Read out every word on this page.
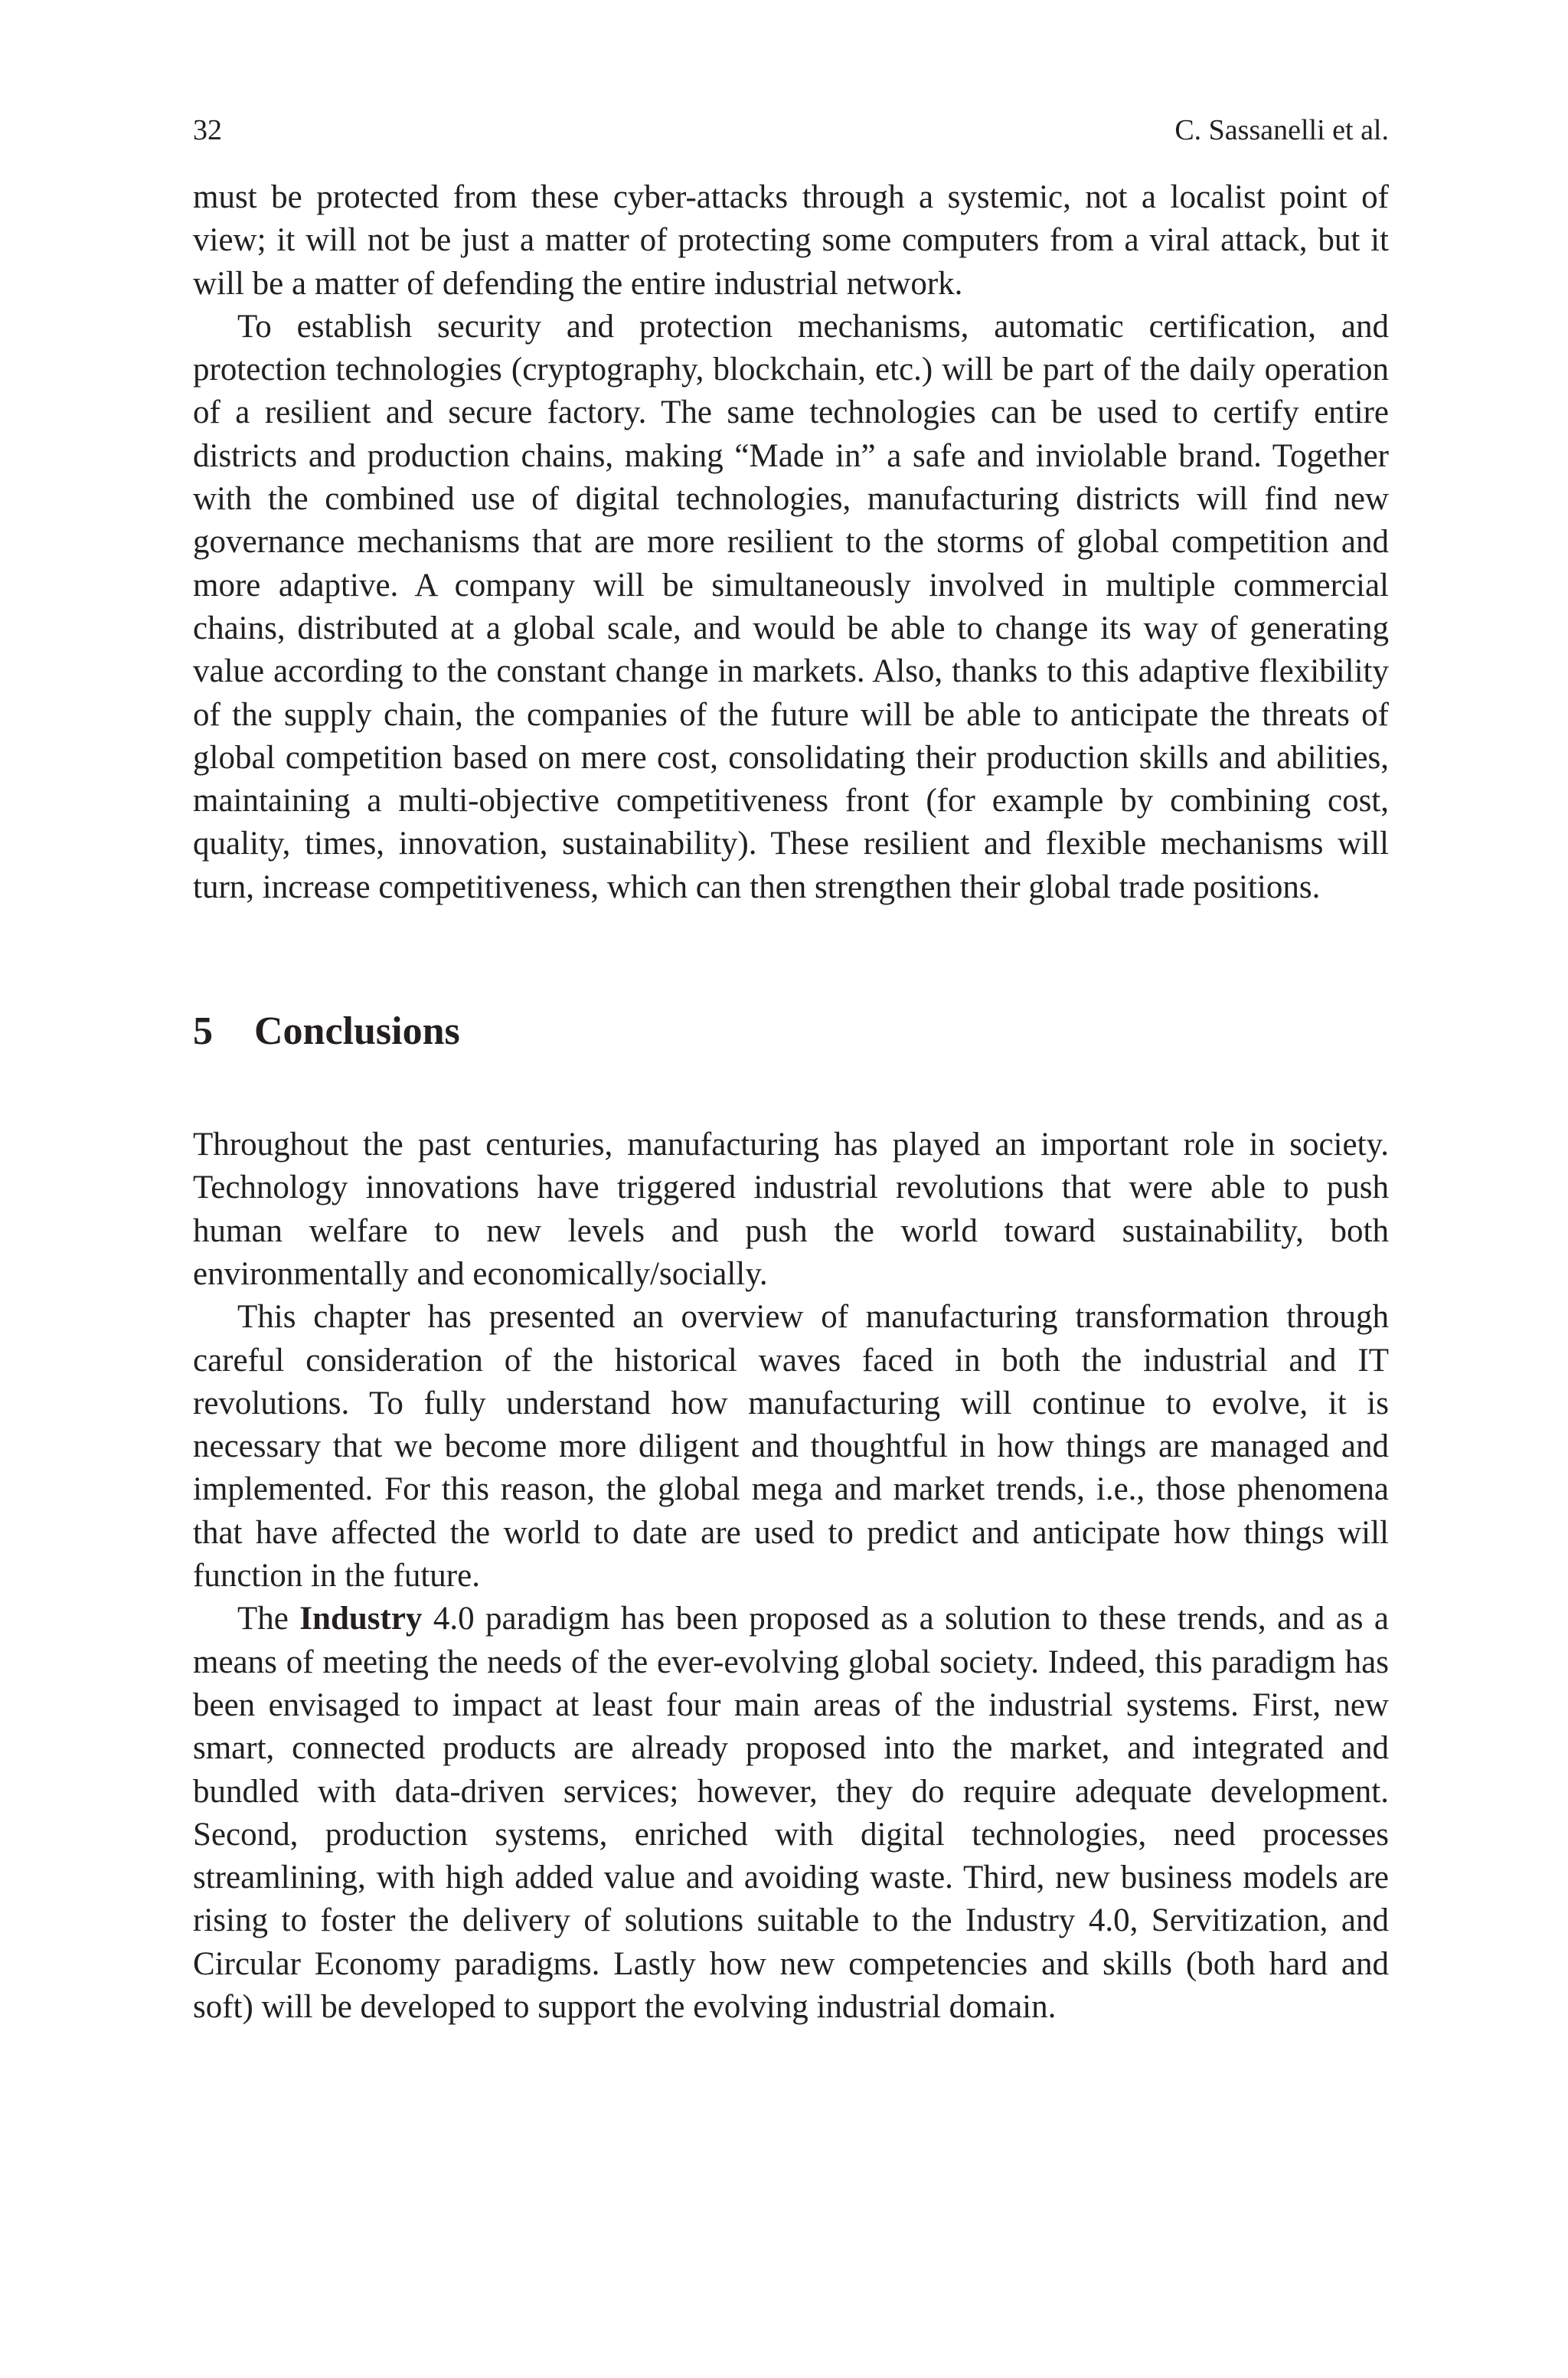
32	C. Sassanelli et al.

must be protected from these cyber-attacks through a systemic, not a localist point of view; it will not be just a matter of protecting some computers from a viral attack, but it will be a matter of defending the entire industrial network.

To establish security and protection mechanisms, automatic certification, and protection technologies (cryptography, blockchain, etc.) will be part of the daily operation of a resilient and secure factory. The same technologies can be used to certify entire districts and production chains, making “Made in” a safe and inviolable brand. Together with the combined use of digital technologies, manufacturing districts will find new governance mechanisms that are more resilient to the storms of global competition and more adaptive. A company will be simultaneously involved in multiple commercial chains, distributed at a global scale, and would be able to change its way of generating value according to the constant change in markets. Also, thanks to this adaptive flexibility of the supply chain, the companies of the future will be able to anticipate the threats of global competition based on mere cost, consolidating their production skills and abilities, maintaining a multi-objective competitiveness front (for example by combining cost, quality, times, innovation, sustainability). These resilient and flexible mechanisms will turn, increase competitiveness, which can then strengthen their global trade positions.

5 Conclusions

Throughout the past centuries, manufacturing has played an important role in society. Technology innovations have triggered industrial revolutions that were able to push human welfare to new levels and push the world toward sustainability, both environmentally and economically/socially.

This chapter has presented an overview of manufacturing transformation through careful consideration of the historical waves faced in both the industrial and IT revolutions. To fully understand how manufacturing will continue to evolve, it is necessary that we become more diligent and thoughtful in how things are managed and implemented. For this reason, the global mega and market trends, i.e., those phenomena that have affected the world to date are used to predict and anticipate how things will function in the future.

The Industry 4.0 paradigm has been proposed as a solution to these trends, and as a means of meeting the needs of the ever-evolving global society. Indeed, this paradigm has been envisaged to impact at least four main areas of the industrial systems. First, new smart, connected products are already proposed into the market, and integrated and bundled with data-driven services; however, they do require adequate development. Second, production systems, enriched with digital technologies, need processes streamlining, with high added value and avoiding waste. Third, new business models are rising to foster the delivery of solutions suitable to the Industry 4.0, Servitization, and Circular Economy paradigms. Lastly how new competencies and skills (both hard and soft) will be developed to support the evolving industrial domain.
